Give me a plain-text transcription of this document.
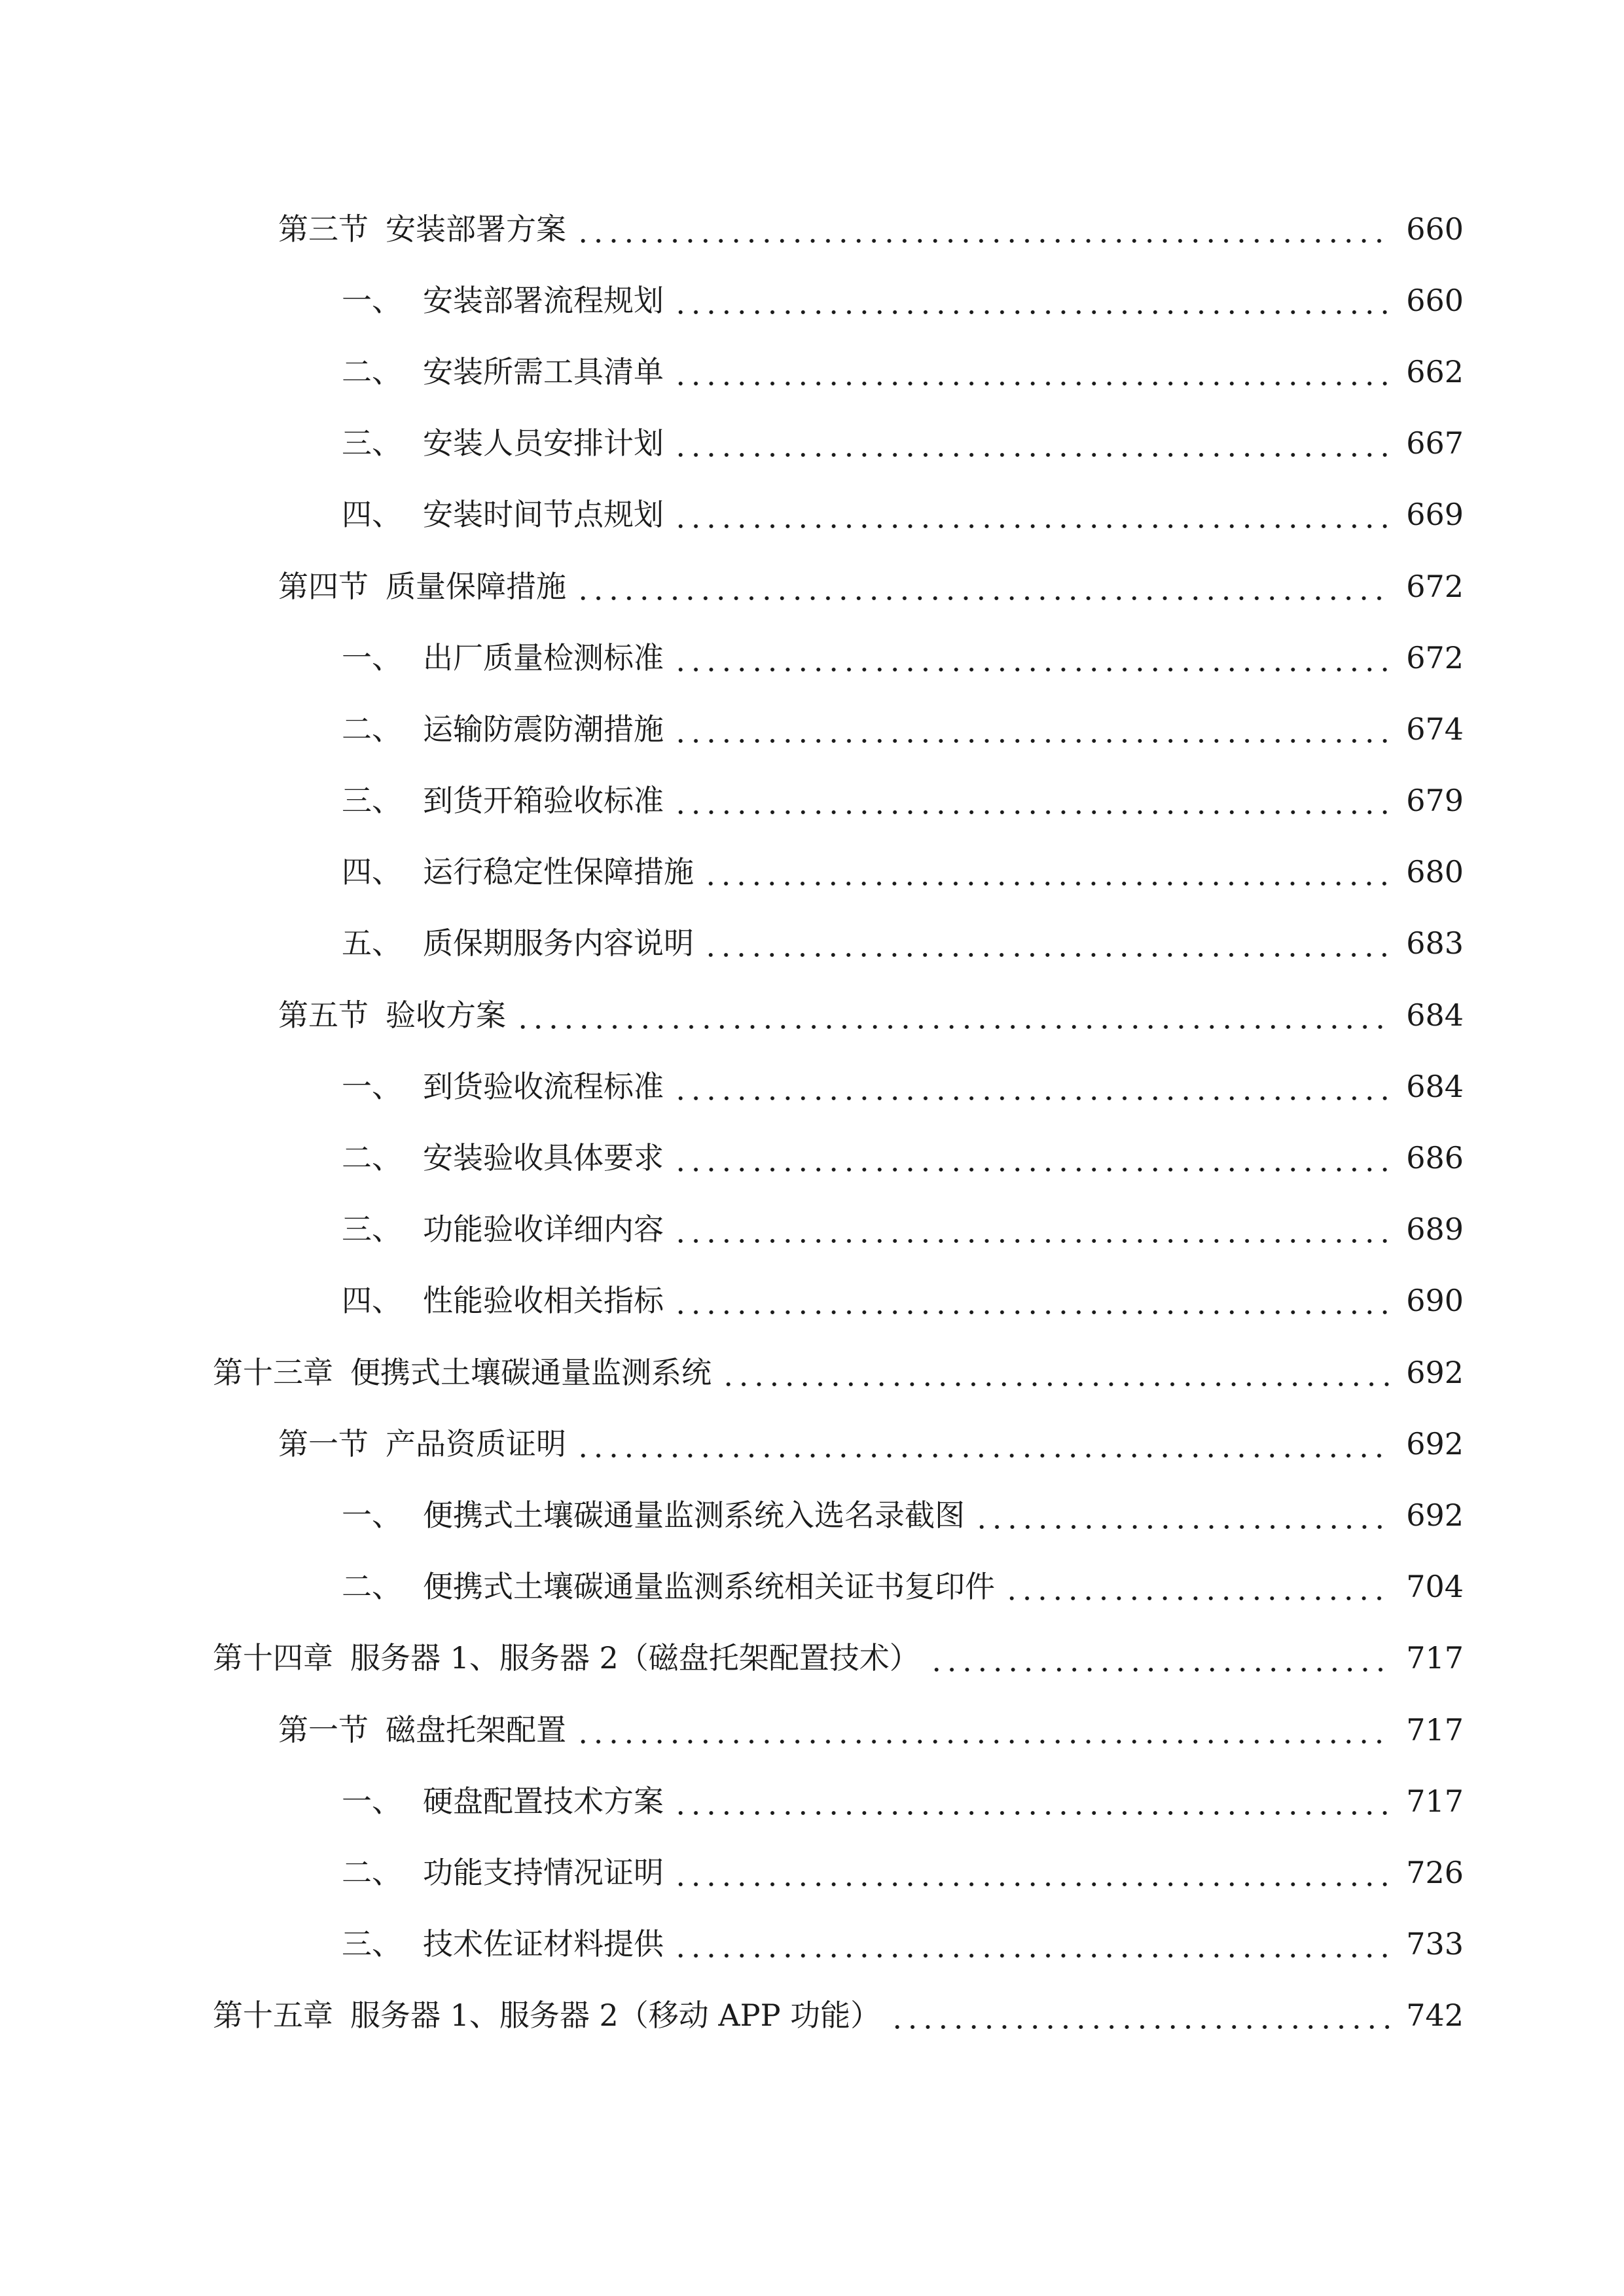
第三节 安装部署方案	660
一、 安装部署流程规划	660
二、 安装所需工具清单	662
三、 安装人员安排计划	667
四、 安装时间节点规划	669
第四节 质量保障措施	672
一、 出厂质量检测标准	672
二、 运输防震防潮措施	674
三、 到货开箱验收标准	679
四、 运行稳定性保障措施	680
五、 质保期服务内容说明	683
第五节 验收方案	684
一、 到货验收流程标准	684
二、 安装验收具体要求	686
三、 功能验收详细内容	689
四、 性能验收相关指标	690
第十三章 便携式土壤碳通量监测系统	692
第一节 产品资质证明	692
一、 便携式土壤碳通量监测系统入选名录截图	692
二、 便携式土壤碳通量监测系统相关证书复印件	704
第十四章 服务器 1、服务器 2（磁盘托架配置技术）	717
第一节 磁盘托架配置	717
一、 硬盘配置技术方案	717
二、 功能支持情况证明	726
三、 技术佐证材料提供	733
第十五章 服务器 1、服务器 2（移动 APP 功能）	742
